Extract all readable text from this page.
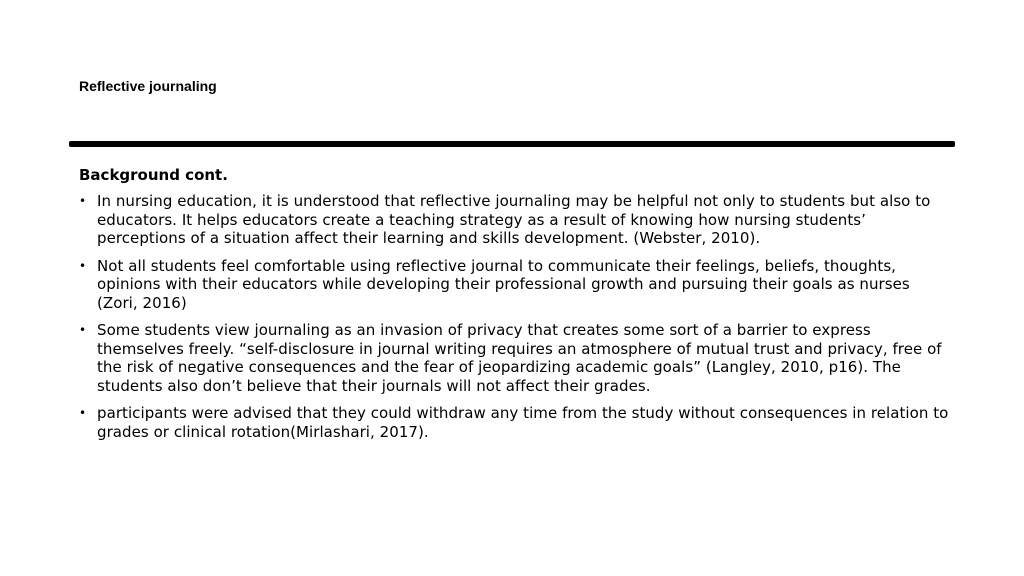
Reflective journaling

Background cont.

• In nursing education, it is understood that reflective journaling may be helpful not only to students but also to educators. It helps educators create a teaching strategy as a result of knowing how nursing students’ perceptions of a situation affect their learning and skills development. (Webster, 2010).
• Not all students feel comfortable using reflective journal to communicate their feelings, beliefs, thoughts, opinions with their educators while developing their professional growth and pursuing their goals as nurses (Zori, 2016)
• Some students view journaling as an invasion of privacy that creates some sort of a barrier to express themselves freely. “self-disclosure in journal writing requires an atmosphere of mutual trust and privacy, free of the risk of negative consequences and the fear of jeopardizing academic goals” (Langley, 2010, p16). The students also don’t believe that their journals will not affect their grades.
• participants were advised that they could withdraw any time from the study without consequences in relation to grades or clinical rotation(Mirlashari, 2017).
